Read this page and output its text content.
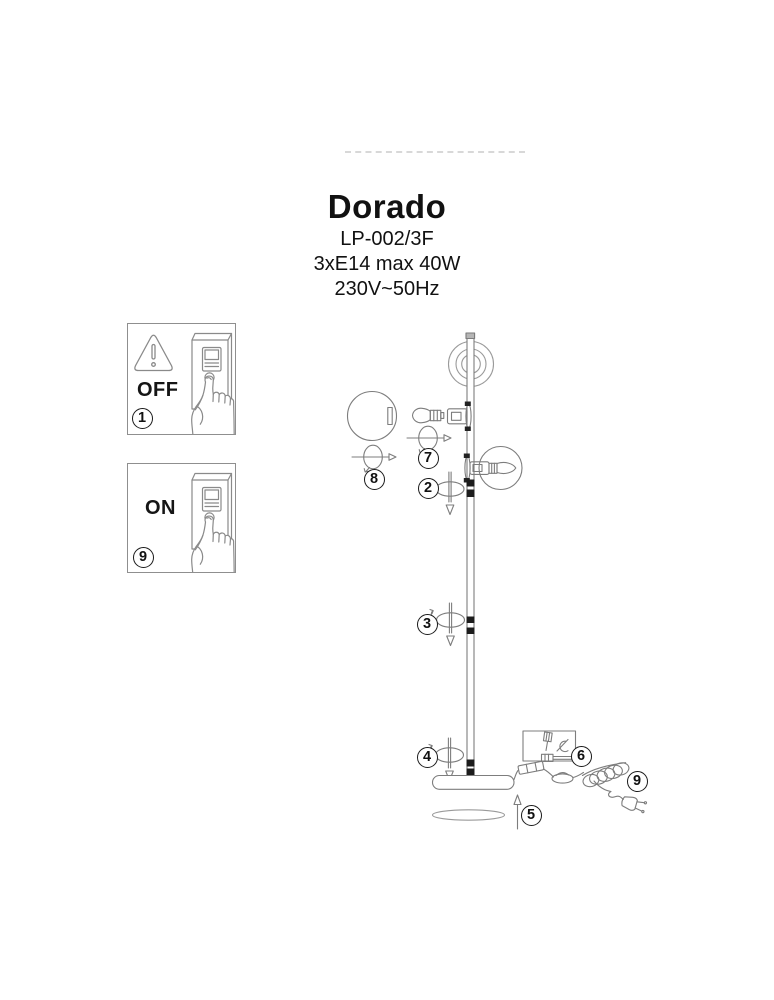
Dorado
LP-002/3F
3xE14 max 40W
230V~50Hz
OFF
ON
1
9
8
7
2
3
4
5
6
9
